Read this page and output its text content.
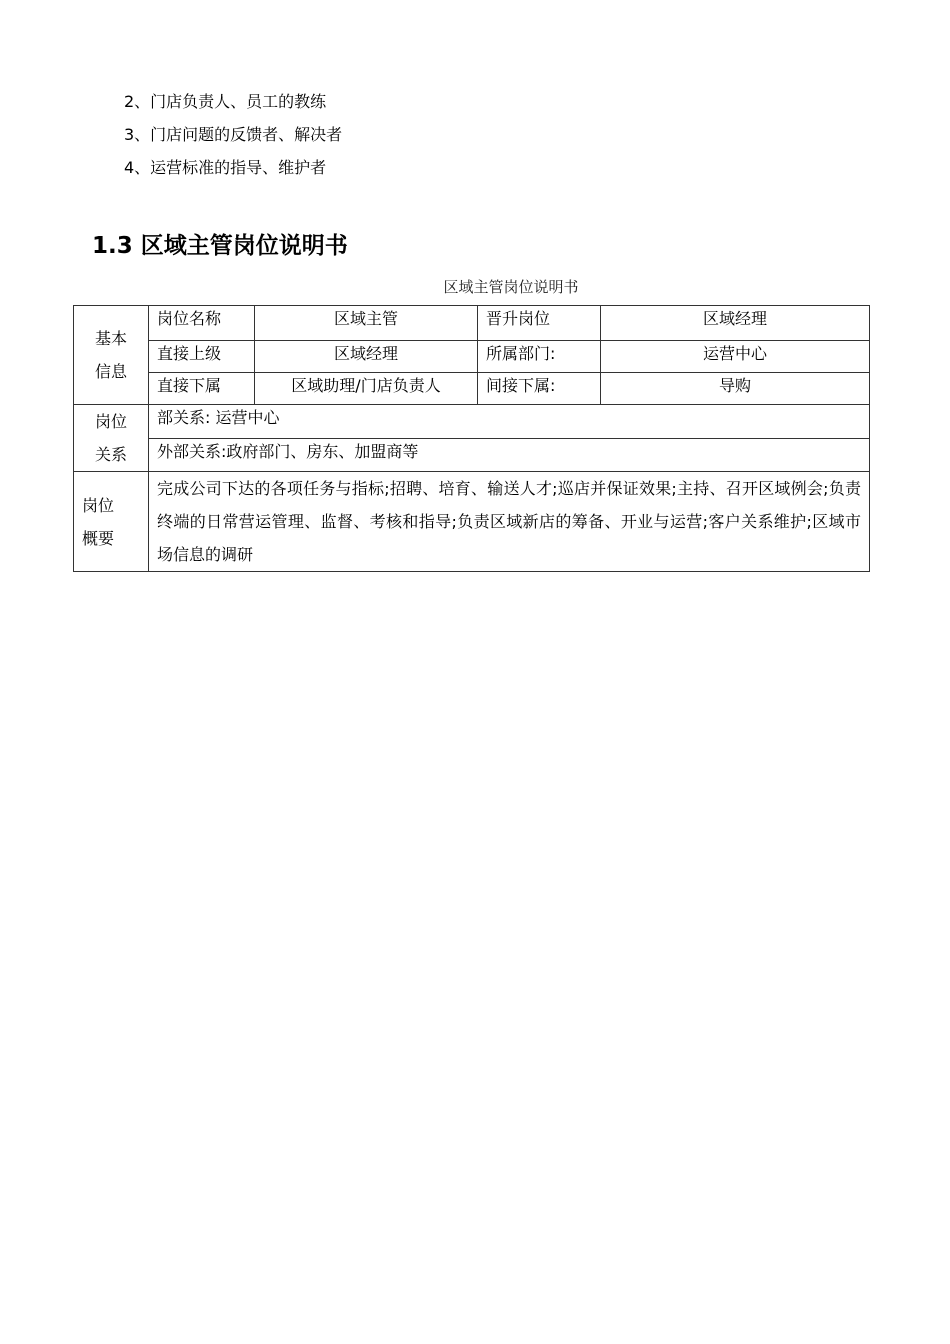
2、门店负责人、员工的教练
3、门店问题的反馈者、解决者
4、运营标准的指导、维护者
1.3 区域主管岗位说明书
区域主管岗位说明书
基本
信息	岗位名称	区域主管	晋升岗位	区域经理
	直接上级	区域经理	所属部门:	运营中心
	直接下属	区域助理/门店负责人	间接下属:	导购

岗位
关系	部关系: 运营中心			
	外部关系:政府部门、房东、加盟商等			

岗位
概要	完成公司下达的各项任务与指标;招聘、培育、输送人才;巡店并保证效果;主持、召开区域例会;负责终端的日常营运管理、监督、考核和指导;负责区域新店的筹备、开业与运营;客户关系维护;区域市场信息的调研			
